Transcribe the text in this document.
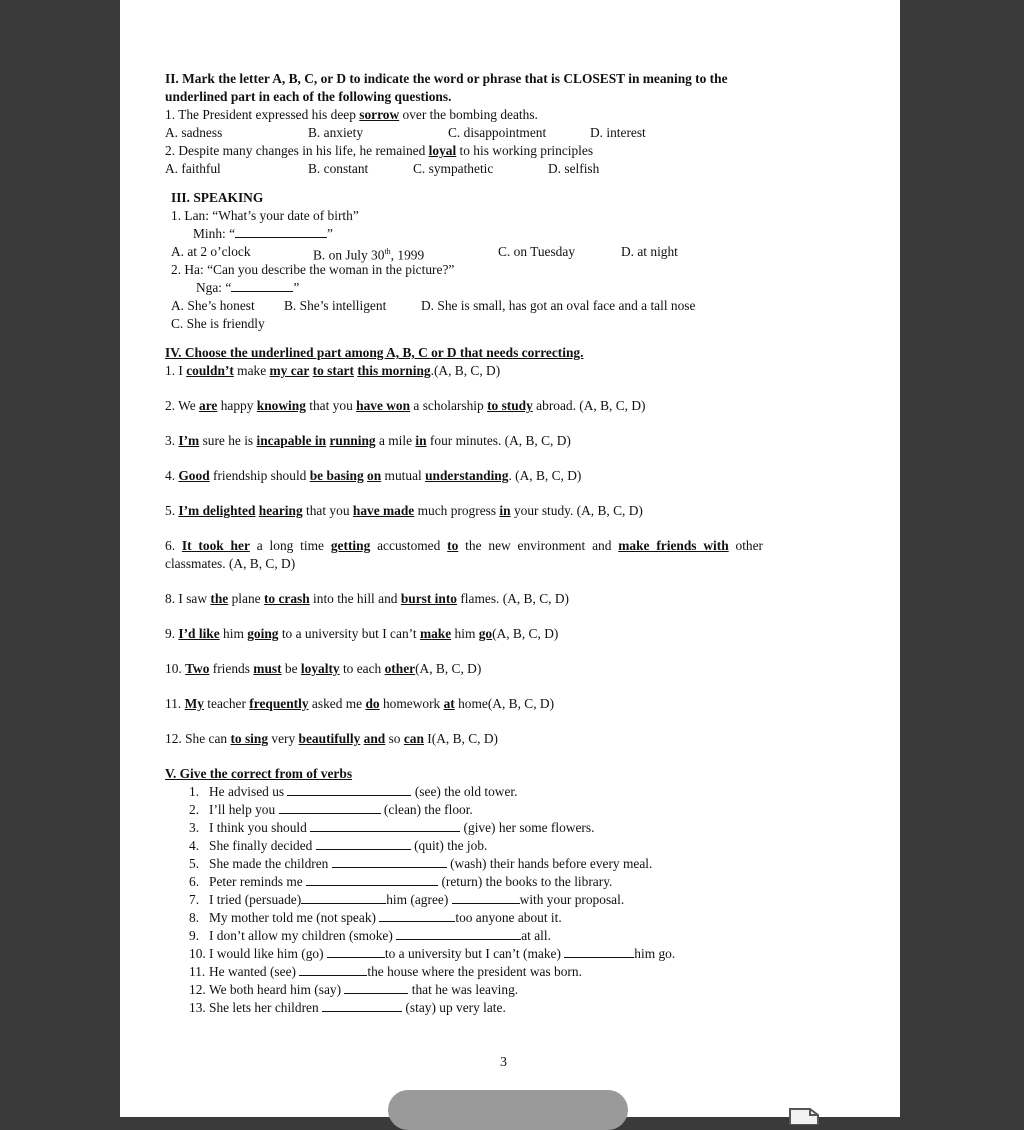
II. Mark the letter A, B, C, or D to indicate the word or phrase that is CLOSEST in meaning to the
underlined part in each of the following questions.
1. The President expressed his deep sorrow over the bombing deaths.
A. sadness	B. anxiety	C. disappointment	D. interest
2. Despite many changes in his life, he remained loyal to his working principles
A. faithful	B. constant	C. sympathetic	D. selfish
III. SPEAKING
1. Lan: “What’s your date of birth”
Minh: “	”
A. at 2 o’clock	B. on July 30th, 1999	C. on Tuesday	D. at night
2. Ha: “Can you describe the woman in the picture?”
Nga: “	”
A. She’s honest B. She’s intelligent	D. She is small, has got an oval face and a tall nose
C. She is friendly
IV. Choose the underlined part among A, B, C or D that needs correcting.
1. I couldn’t make my car to start this morning.(A, B, C, D)
2. We are happy knowing that you have won a scholarship to study abroad. (A, B, C, D)
3. I’m sure he is incapable in running a mile in four minutes. (A, B, C, D)
4. Good friendship should be basing on mutual understanding. (A, B, C, D)
5. I’m delighted hearing that you have made much progress in your study. (A, B, C, D)
6. It took her a long time getting accustomed to the new environment and make friends with other
classmates. (A, B, C, D)
8. I saw the plane to crash into the hill and burst into flames. (A, B, C, D)
9. I’d like him going to a university but I can’t make him go(A, B, C, D)
10. Two friends must be loyalty to each other(A, B, C, D)
11. My teacher frequently asked me do homework at home(A, B, C, D)
12. She can to sing very beautifully and so can I(A, B, C, D)
V. Give the correct from of verbs
1. He advised us	(see) the old tower.
2. I’ll help you	(clean) the floor.
3. I think you should	(give) her some flowers.
4. She finally decided	(quit) the job.
5. She made the children	(wash) their hands before every meal.
6. Peter reminds me	(return) the books to the library.
7. I tried (persuade)	him (agree)	with your proposal.
8. My mother told me (not speak)	too anyone about it.
9. I don’t allow my children (smoke)	at all.
10. I would like him (go)	to a university but I can’t (make)	him go.
11. He wanted (see)	the house where the president was born.
12. We both heard him (say)	that he was leaving.
13. She lets her children	(stay) up very late.
3
